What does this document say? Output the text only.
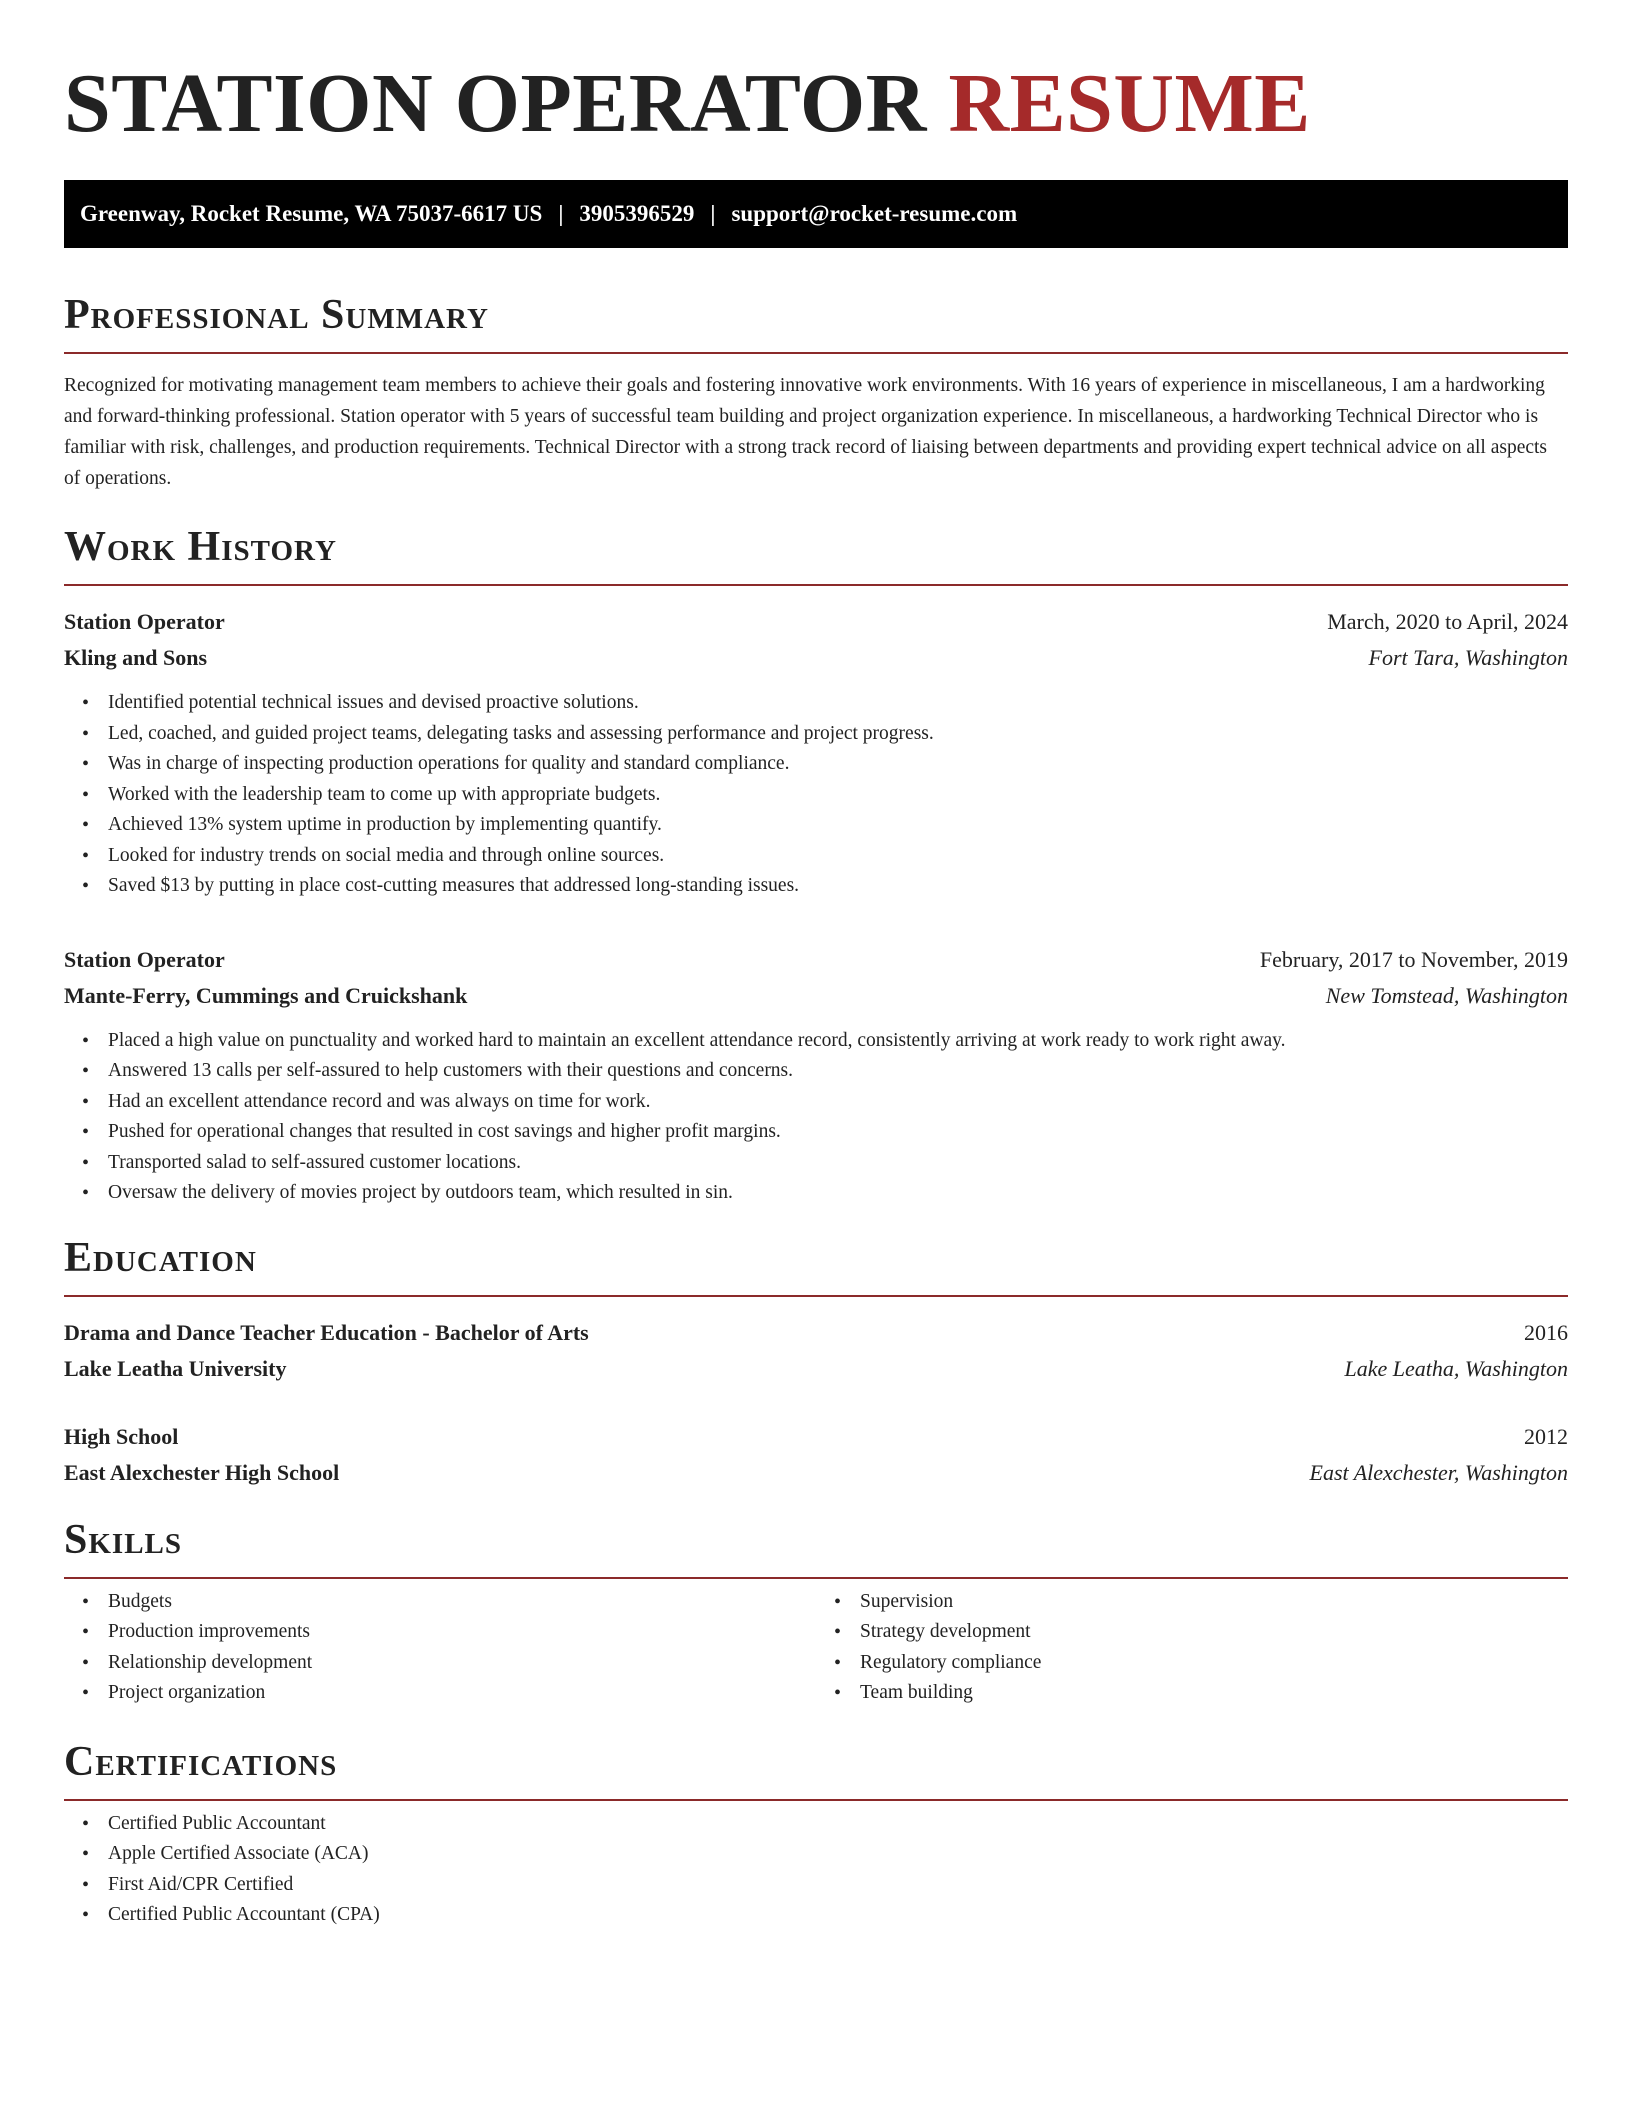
STATION OPERATOR RESUME
Greenway, Rocket Resume, WA 75037-6617 US | 3905396529 | support@rocket-resume.com
Professional Summary

Recognized for motivating management team members to achieve their goals and fostering innovative work environments. With 16 years of experience in miscellaneous, I am a hardworking and forward-thinking professional. Station operator with 5 years of successful team building and project organization experience. In miscellaneous, a hardworking Technical Director who is familiar with risk, challenges, and production requirements. Technical Director with a strong track record of liaising between departments and providing expert technical advice on all aspects of operations.

Work History
Station Operator	March, 2020 to April, 2024
Kling and Sons	Fort Tara, Washington
• Identified potential technical issues and devised proactive solutions.
• Led, coached, and guided project teams, delegating tasks and assessing performance and project progress.
• Was in charge of inspecting production operations for quality and standard compliance.
• Worked with the leadership team to come up with appropriate budgets.
• Achieved 13% system uptime in production by implementing quantify.
• Looked for industry trends on social media and through online sources.
• Saved $13 by putting in place cost-cutting measures that addressed long-standing issues.
Station Operator	February, 2017 to November, 2019
Mante-Ferry, Cummings and Cruickshank	New Tomstead, Washington
• Placed a high value on punctuality and worked hard to maintain an excellent attendance record, consistently arriving at work ready to work right away.
• Answered 13 calls per self-assured to help customers with their questions and concerns.
• Had an excellent attendance record and was always on time for work.
• Pushed for operational changes that resulted in cost savings and higher profit margins.
• Transported salad to self-assured customer locations.
• Oversaw the delivery of movies project by outdoors team, which resulted in sin.
Education
Drama and Dance Teacher Education - Bachelor of Arts	2016
Lake Leatha University	Lake Leatha, Washington
High School	2012
East Alexchester High School	East Alexchester, Washington
Skills
• Budgets
• Production improvements
• Relationship development
• Project organization
• Supervision
• Strategy development
• Regulatory compliance
• Team building
Certifications
• Certified Public Accountant
• Apple Certified Associate (ACA)
• First Aid/CPR Certified
• Certified Public Accountant (CPA)
